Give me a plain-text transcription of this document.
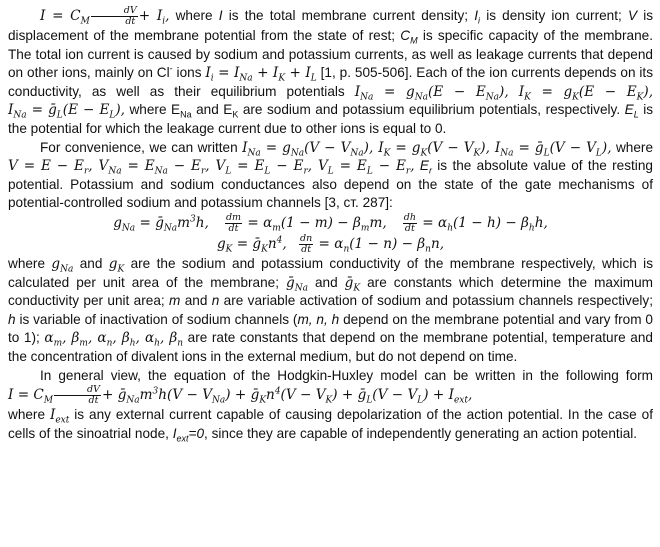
$I = C_M \frac{dV}{dt} + I_i$, where I is the total membrane current density; $I_i$ is density ion current; V is displacement of the membrane potential from the state of rest; $C_M$ is specific capacity of the membrane. The total ion current is caused by sodium and potassium currents, as well as leakage currents that depend on other ions, mainly on Cl- ions $I_i = I_{Na} + I_K + I_L$ [1, p. 505-506]. Each of the ion currents depends on its conductivity, as well as their equilibrium potentials $I_{Na} = g_{Na}(E - E_{Na})$, $I_K = g_K(E - E_K)$, $I_{Na}$ = ḡ$_L$(E − $E_L$), where $E_{Na}$ and $E_K$ are sodium and potassium equilibrium potentials, respectively. $E_L$ is the potential for which the leakage current due to other ions is equal to 0.

For convenience, we can written $I_{Na} = g_{Na}(V - V_{Na})$, $I_K = g_K(V - V_K)$, $I_{Na}$ = ḡ$_L$(V − $V_L$), where $V = E - E_r$, $V_{Na} = E_{Na} - E_r$, $V_L = E_L - E_r$, $V_L = E_L - E_r$, $E_r$ is the absolute value of the resting potential. Potassium and sodium conductances also depend on the state of the gate mechanisms of potential-controlled sodium and potassium channels [3, ст. 287]:

$g_{Na}$ = $ḡ_{Na}m^3h$, $\frac{dm}{dt} = \alpha_m(1 - m) - \beta_mm$, $\frac{dh}{dt} = \alpha_h(1 - h) - \beta_hh$,
$g_K$ = $ḡ_Kn^4$, $\frac{dn}{dt} = \alpha_n(1 - n) - \beta_nn$,

where $g_{Na}$ and $g_K$ are the sodium and potassium conductivity of the membrane respectively, which is calculated per unit area of the membrane; ḡ$_{Na}$ and ḡ$_K$ are constants which determine the maximum conductivity per unit area; m and n are variable activation of sodium and potassium channels respectively; h is variable of inactivation of sodium channels (m, n, h depend on the membrane potential and vary from 0 to 1); $\alpha_m$, $\beta_m$, $\alpha_n$, $\beta_h$, $\alpha_h$, $\beta_n$ are rate constants that depend on the membrane potential, temperature and the concentration of divalent ions in the external medium, but do not depend on time.

In general view, the equation of the Hodgkin-Huxley model can be written in the following form $I = C_M \frac{dV}{dt}$ + $ḡ_{Na}m^3h(V - V_{Na})$ + $ḡ_Kn^4(V - V_K)$ + ḡ$_L$(V − $V_L) + I_{ext}$,

where $I_{ext}$ is any external current capable of causing depolarization of the action potential. In the case of cells of the sinoatrial node, $I_{ext}=0$, since they are capable of independently generating an action potential.
